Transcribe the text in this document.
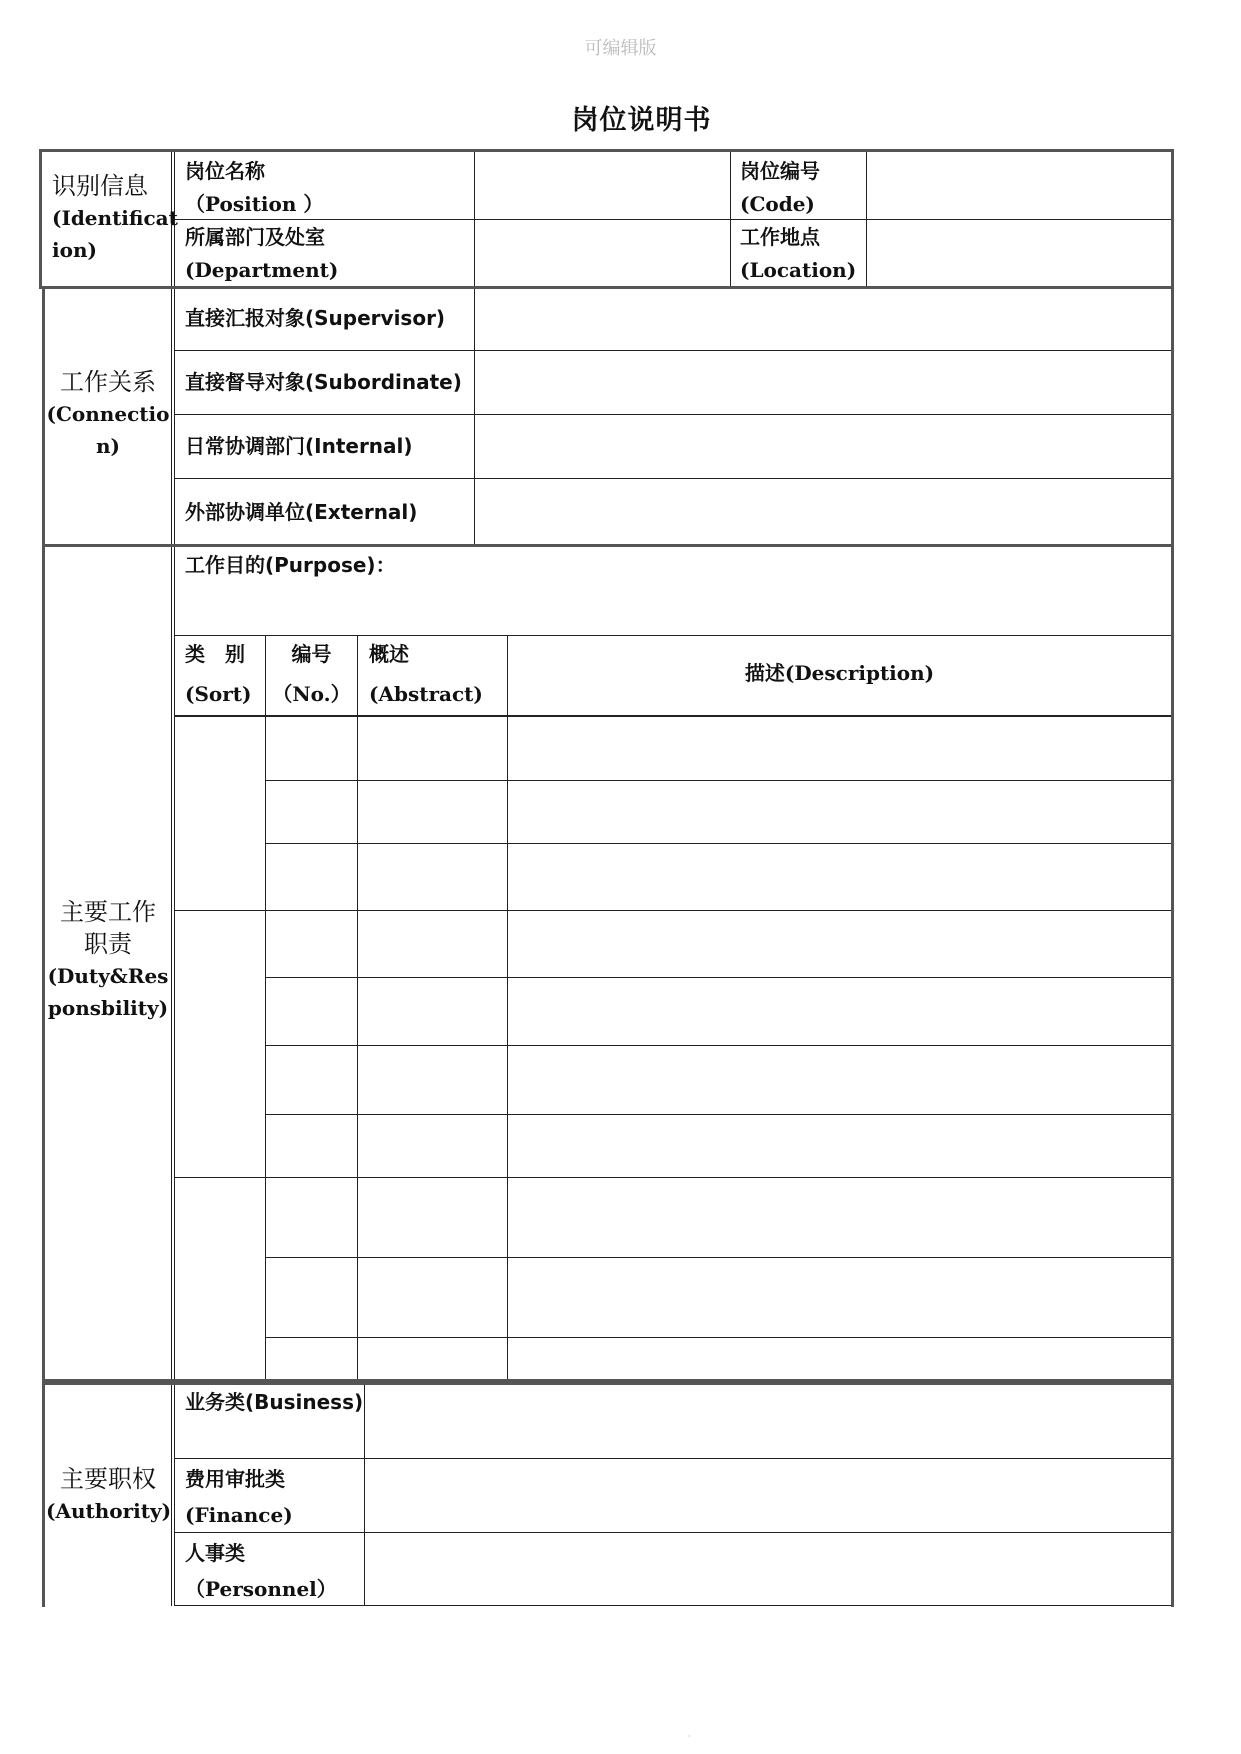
可编辑版
岗位说明书
识别信息
(Identificat
ion)
岗位名称
（Position ）
岗位编号
(Code)
所属部门及处室
(Department)
工作地点
(Location)
工作关系
(Connectio
n)
直接汇报对象(Supervisor)
直接督导对象(Subordinate)
日常协调部门(Internal)
外部协调单位(External)
主要工作
职责
(Duty&Res
ponsbility)
工作目的(Purpose)：
类　别
(Sort)
编号
（No.）
概述
(Abstract)
描述(Description)
主要职权
(Authority)
业务类(Business)
费用审批类
(Finance)
人事类
（Personnel）
·
